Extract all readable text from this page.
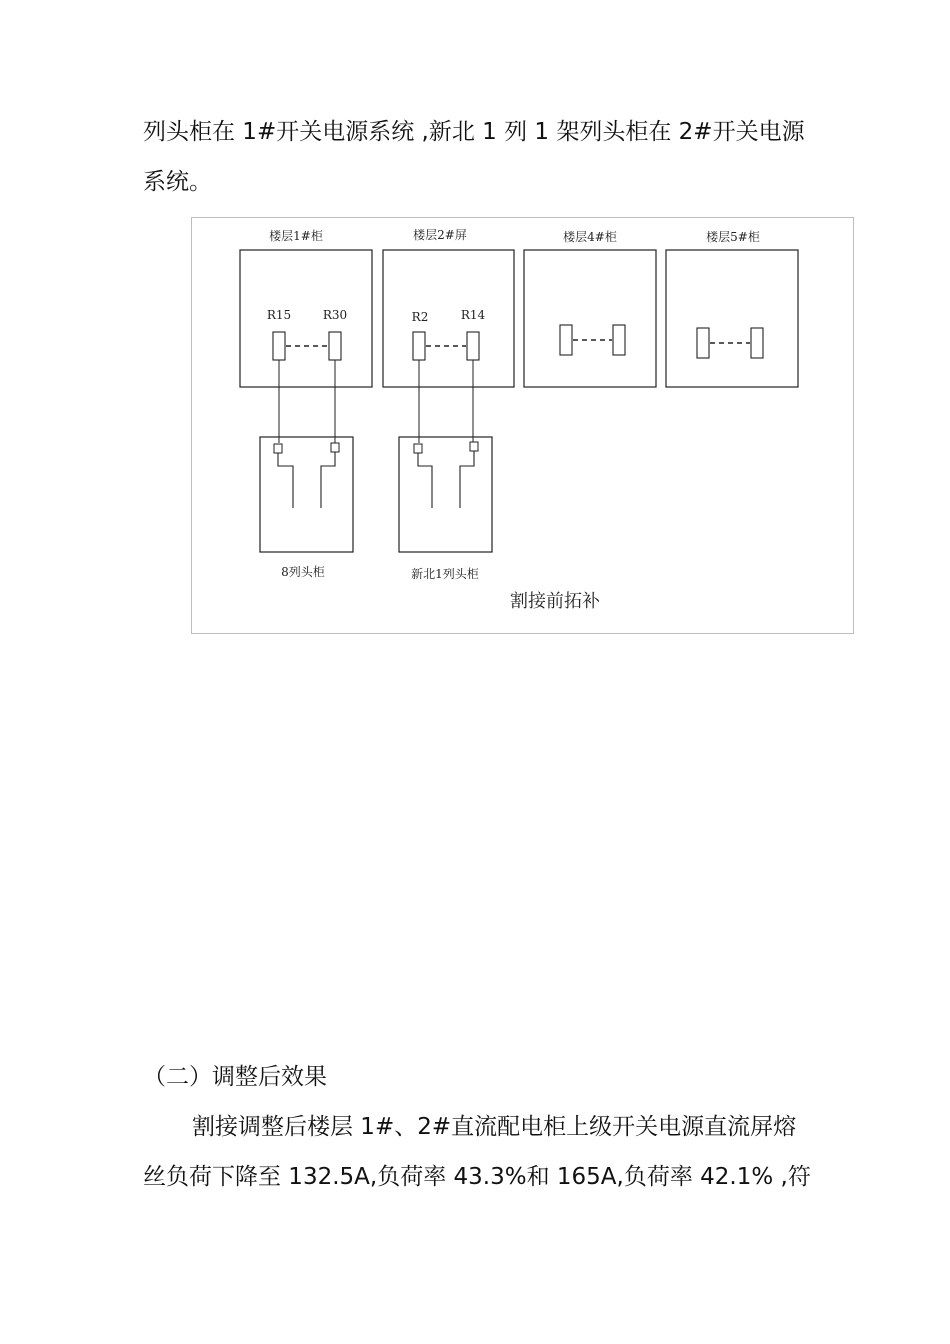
列头柜在 1#开关电源系统 ,新北 1 列 1 架列头柜在 2#开关电源
系统。
楼层1#柜	楼层2#屏	楼层4#柜	楼层5#柜
R15	R30	R2	R14
8列头柜	新北1列头柜
割接前拓补
（二）调整后效果
割接调整后楼层 1#、2#直流配电柜上级开关电源直流屏熔
丝负荷下降至 132.5A,负荷率 43.3%和 165A,负荷率 42.1% ,符
